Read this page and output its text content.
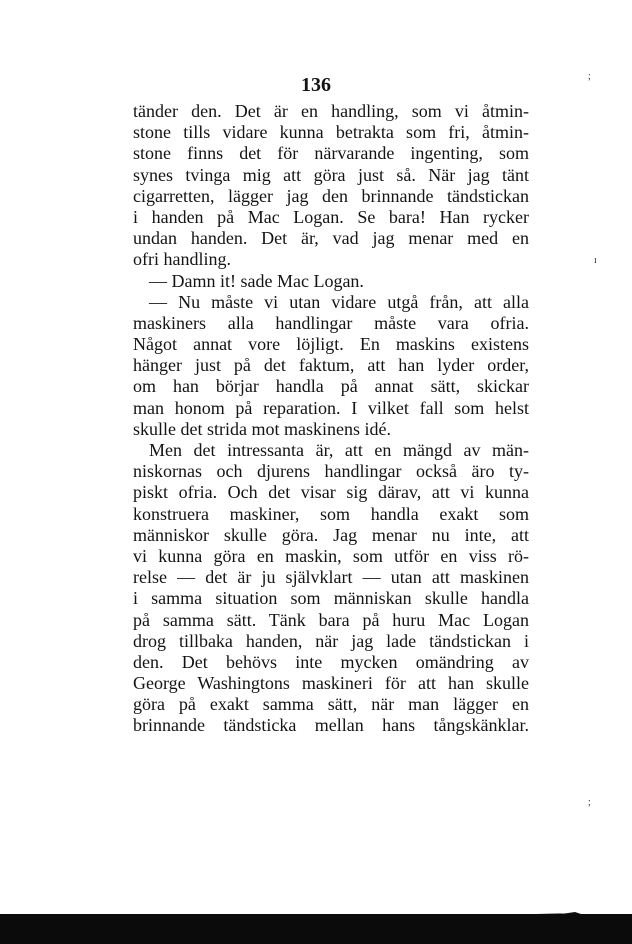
136
tänder den. Det är en handling, som vi åtmin-
stone tills vidare kunna betrakta som fri, åtmin-
stone finns det för närvarande ingenting, som
synes tvinga mig att göra just så. När jag tänt
cigarretten, lägger jag den brinnande tändstickan
i handen på Mac Logan. Se bara! Han rycker
undan handen. Det är, vad jag menar med en
ofri handling.
— Damn it! sade Mac Logan.
— Nu måste vi utan vidare utgå från, att alla
maskiners alla handlingar måste vara ofria.
Något annat vore löjligt. En maskins existens
hänger just på det faktum, att han lyder order,
om han börjar handla på annat sätt, skickar
man honom på reparation. I vilket fall som helst
skulle det strida mot maskinens idé.
Men det intressanta är, att en mängd av män-
niskornas och djurens handlingar också äro ty-
piskt ofria. Och det visar sig därav, att vi kunna
konstruera maskiner, som handla exakt som
människor skulle göra. Jag menar nu inte, att
vi kunna göra en maskin, som utför en viss rö-
relse — det är ju självklart — utan att maskinen
i samma situation som människan skulle handla
på samma sätt. Tänk bara på huru Mac Logan
drog tillbaka handen, när jag lade tändstickan i
den. Det behövs inte mycken omändring av
George Washingtons maskineri för att han skulle
göra på exakt samma sätt, när man lägger en
brinnande tändsticka mellan hans tångskänklar.
;
ı
;
